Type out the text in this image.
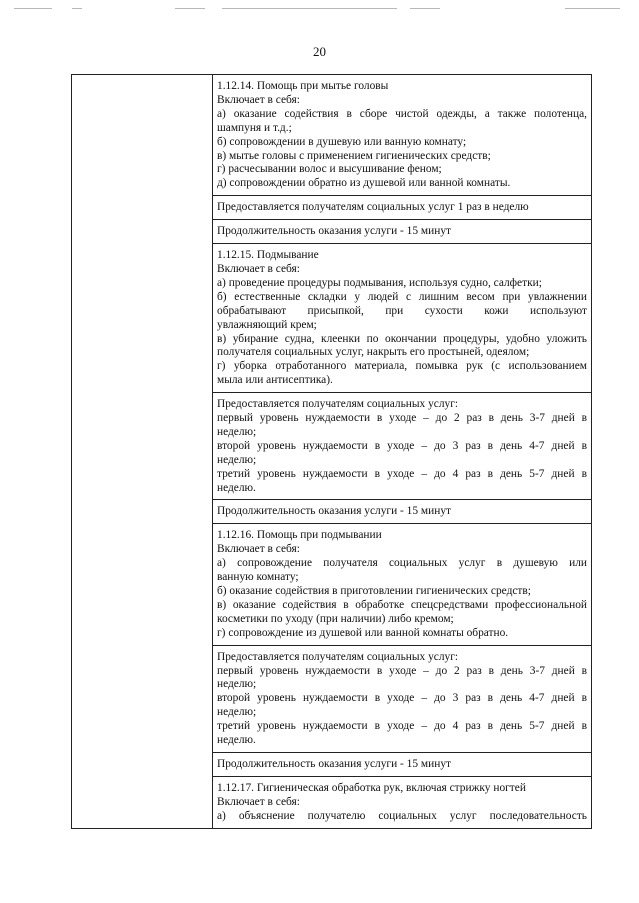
20

1.12.14. Помощь при мытье головы
Включает в себя:
а) оказание содействия в сборе чистой одежды, а также полотенца,
шампуня и т.д.;
б) сопровождении в душевую или ванную комнату;
в) мытье головы с применением гигиенических средств;
г) расчесывании волос и высушивание феном;
д) сопровождении обратно из душевой или ванной комнаты.

Предоставляется получателям социальных услуг 1 раз в неделю

Продолжительность оказания услуги - 15 минут

1.12.15. Подмывание
Включает в себя:
а) проведение процедуры подмывания, используя судно, салфетки;
б) естественные складки у людей с лишним весом при увлажнении
обрабатывают присыпкой, при сухости кожи используют
увлажняющий крем;
в) убирание судна, клеенки по окончании процедуры, удобно уложить
получателя социальных услуг, накрыть его простыней, одеялом;
г) уборка отработанного материала, помывка рук (с использованием
мыла или антисептика).

Предоставляется получателям социальных услуг:
первый уровень нуждаемости в уходе – до 2 раз в день 3-7 дней в
неделю;
второй уровень нуждаемости в уходе – до 3 раз в день 4-7 дней в
неделю;
третий уровень нуждаемости в уходе – до 4 раз в день 5-7 дней в
неделю.

Продолжительность оказания услуги - 15 минут

1.12.16. Помощь при подмывании
Включает в себя:
а) сопровождение получателя социальных услуг в душевую или
ванную комнату;
б) оказание содействия в приготовлении гигиенических средств;
в) оказание содействия в обработке спецсредствами профессиональной
косметики по уходу (при наличии) либо кремом;
г) сопровождение из душевой или ванной комнаты обратно.

Предоставляется получателям социальных услуг:
первый уровень нуждаемости в уходе – до 2 раз в день 3-7 дней в
неделю;
второй уровень нуждаемости в уходе – до 3 раз в день 4-7 дней в
неделю;
третий уровень нуждаемости в уходе – до 4 раз в день 5-7 дней в
неделю.

Продолжительность оказания услуги - 15 минут

1.12.17. Гигиеническая обработка рук, включая стрижку ногтей
Включает в себя:
а) объяснение получателю социальных услуг последовательность
